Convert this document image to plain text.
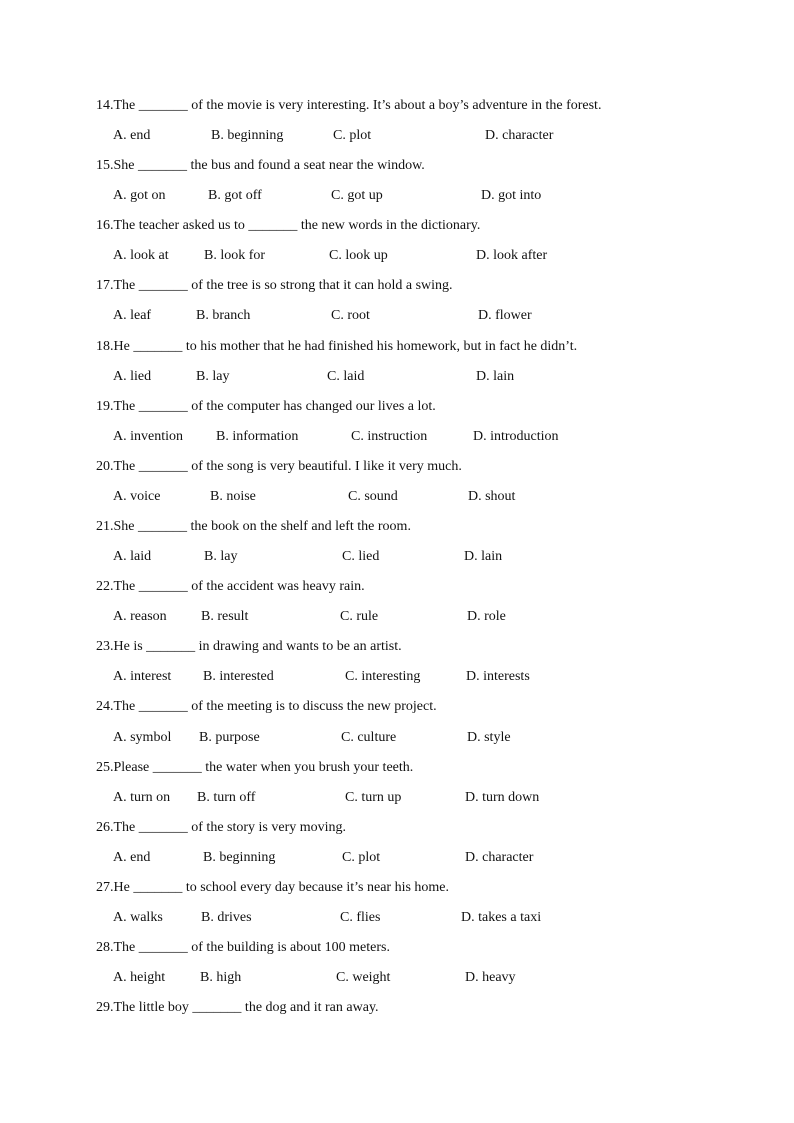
14.The _______ of the movie is very interesting. It’s about a boy’s adventure in the forest.
A. end	B. beginning	C. plot	D. character
15.She _______ the bus and found a seat near the window.
A. got on	B. got off	C. got up	D. got into
16.The teacher asked us to _______ the new words in the dictionary.
A. look at	B. look for	C. look up	D. look after
17.The _______ of the tree is so strong that it can hold a swing.
A. leaf	B. branch	C. root	D. flower
18.He _______ to his mother that he had finished his homework, but in fact he didn’t.
A. lied	B. lay	C. laid	D. lain
19.The _______ of the computer has changed our lives a lot.
A. invention B. information	C. instruction	D. introduction
20.The _______ of the song is very beautiful. I like it very much.
A. voice	B. noise	C. sound	D. shout
21.She _______ the book on the shelf and left the room.
A. laid	B. lay	C. lied	D. lain
22.The _______ of the accident was heavy rain.
A. reason B. result	C. rule	D. role
23.He is _______ in drawing and wants to be an artist.
A. interest B. interested	C. interesting	D. interests
24.The _______ of the meeting is to discuss the new project.
A. symbol B. purpose	C. culture	D. style
25.Please _______ the water when you brush your teeth.
A. turn on B. turn off	C. turn up	D. turn down
26.The _______ of the story is very moving.
A. end	B. beginning	C. plot	D. character
27.He _______ to school every day because it’s near his home.
A. walks	B. drives	C. flies	D. takes a taxi
28.The _______ of the building is about 100 meters.
A. height B. high	C. weight	D. heavy
29.The little boy _______ the dog and it ran away.
